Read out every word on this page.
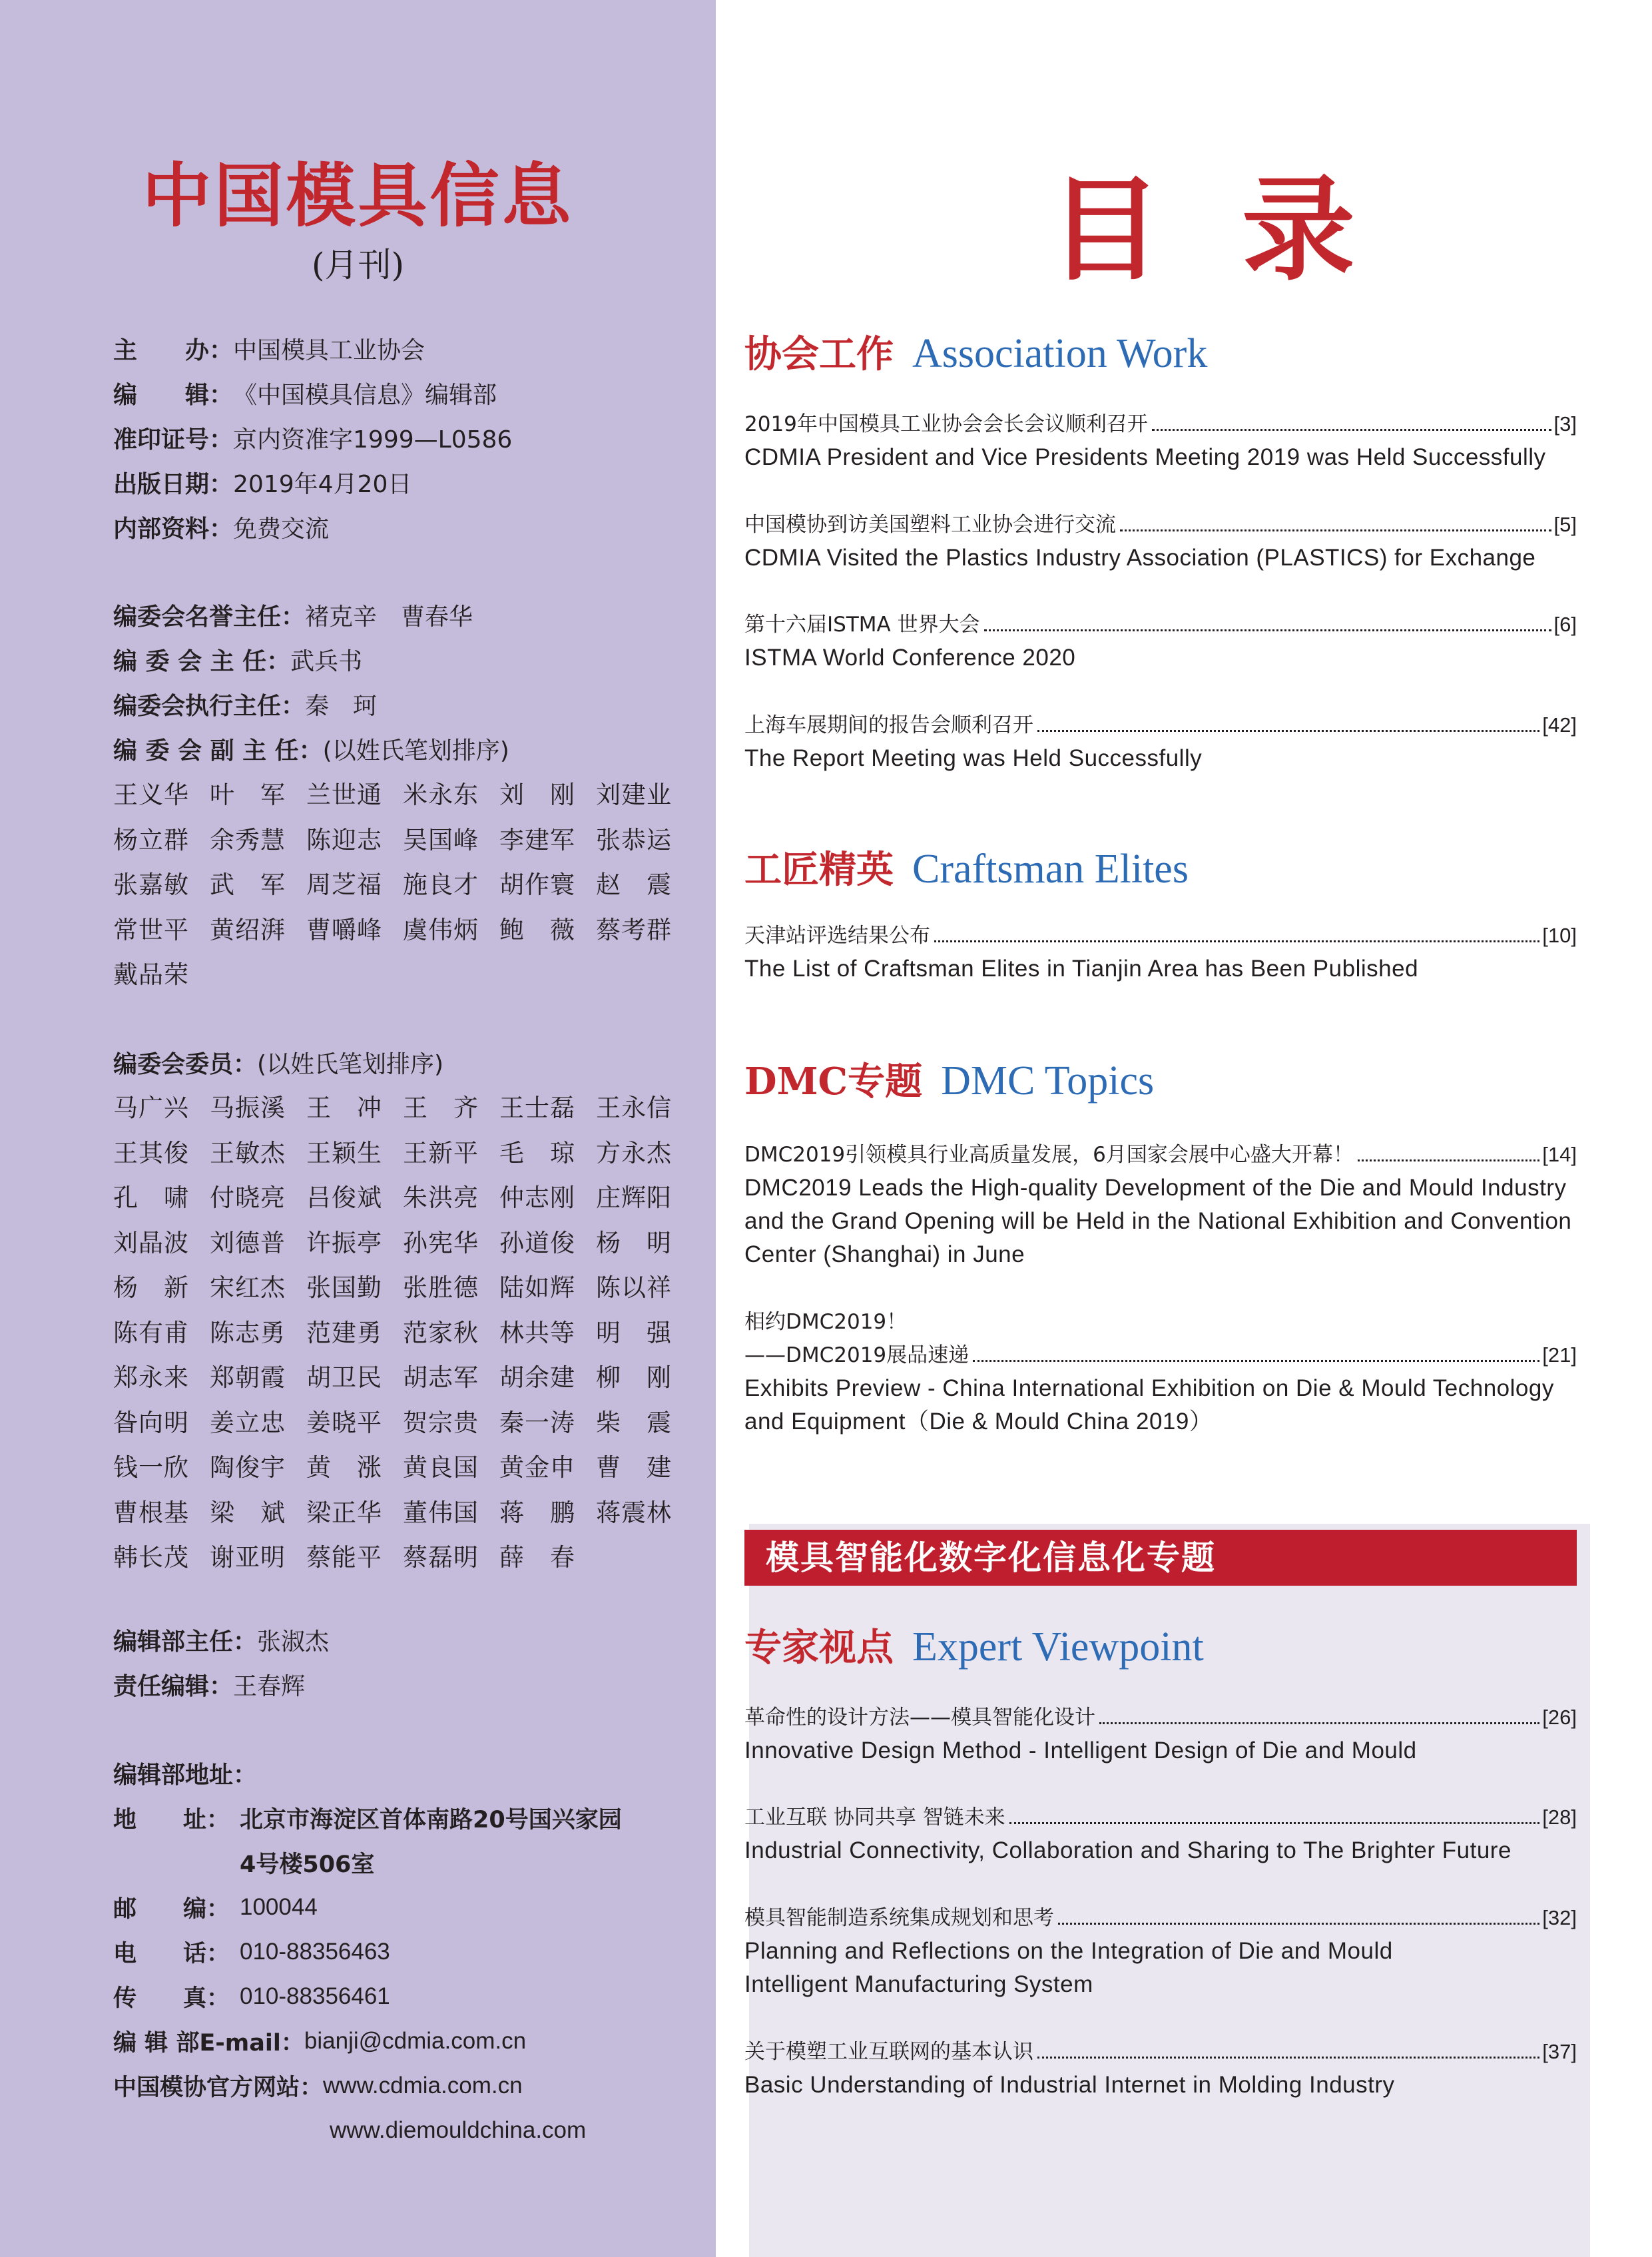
中国模具信息
(月刊)
主　　办： 中国模具工业协会
编　　辑： 《中国模具信息》编辑部
准印证号： 京内资准字1999—L0586
出版日期： 2019年4月20日
内部资料： 免费交流
编委会名誉主任： 褚克辛　曹春华
编 委 会 主 任： 武兵书
编委会执行主任： 秦　珂
编 委 会 副 主 任： (以姓氏笔划排序)
王义华 叶　军 兰世通 米永东 刘　刚 刘建业
杨立群 余秀慧 陈迎志 吴国峰 李建军 张恭运
张嘉敏 武　军 周芝福 施良才 胡作寰 赵　震
常世平 黄绍湃 曹嚼峰 虞伟炳 鲍　薇 蔡考群
戴品荣
编委会委员： (以姓氏笔划排序)
马广兴 马振溪 王　冲 王　齐 王士磊 王永信
王其俊 王敏杰 王颖生 王新平 毛　琼 方永杰
孔　啸 付晓亮 吕俊斌 朱洪亮 仲志刚 庄辉阳
刘晶波 刘德普 许振亭 孙宪华 孙道俊 杨　明
杨　新 宋红杰 张国勤 张胜德 陆如辉 陈以祥
陈有甫 陈志勇 范建勇 范家秋 林共等 明　强
郑永来 郑朝霞 胡卫民 胡志军 胡余建 柳　刚
昝向明 姜立忠 姜晓平 贺宗贵 秦一涛 柴　震
钱一欣 陶俊宇 黄　涨 黄良国 黄金申 曹　建
曹根基 梁　斌 梁正华 董伟国 蒋　鹏 蒋震林
韩长茂 谢亚明 蔡能平 蔡磊明 薛　春
编辑部主任： 张淑杰
责任编辑： 王春辉
编辑部地址：
地　　址： 北京市海淀区首体南路20号国兴家园
4号楼506室
邮　　编： 100044
电　　话： 010-88356463
传　　真： 010-88356461
编 辑 部E-mail： bianji@cdmia.com.cn
中国模协官方网站： www.cdmia.com.cn
www.diemouldchina.com
目录
协会工作 Association Work
2019年中国模具工业协会会长会议顺利召开	[3]
CDMIA President and Vice Presidents Meeting 2019 was Held Successfully
中国模协到访美国塑料工业协会进行交流	[5]
CDMIA Visited the Plastics Industry Association (PLASTICS) for Exchange
第十六届ISTMA 世界大会	[6]
ISTMA World Conference 2020
上海车展期间的报告会顺利召开	[42]
The Report Meeting was Held Successfully
工匠精英 Craftsman Elites
天津站评选结果公布	[10]
The List of Craftsman Elites in Tianjin Area has Been Published
DMC专题 DMC Topics
DMC2019引领模具行业高质量发展，6月国家会展中心盛大开幕！	[14]
DMC2019 Leads the High-quality Development of the Die and Mould Industry and the Grand Opening will be Held in the National Exhibition and Convention Center (Shanghai) in June
相约DMC2019！
——DMC2019展品速递	[21]
Exhibits Preview - China International Exhibition on Die & Mould Technology and Equipment（Die & Mould China 2019）
模具智能化数字化信息化专题
专家视点 Expert Viewpoint
革命性的设计方法——模具智能化设计	[26]
Innovative Design Method - Intelligent Design of Die and Mould
工业互联 协同共享 智链未来	[28]
Industrial Connectivity, Collaboration and Sharing to The Brighter Future
模具智能制造系统集成规划和思考	[32]
Planning and Reflections on the Integration of Die and Mould Intelligent Manufacturing System
关于模塑工业互联网的基本认识	[37]
Basic Understanding of Industrial Internet in Molding Industry
